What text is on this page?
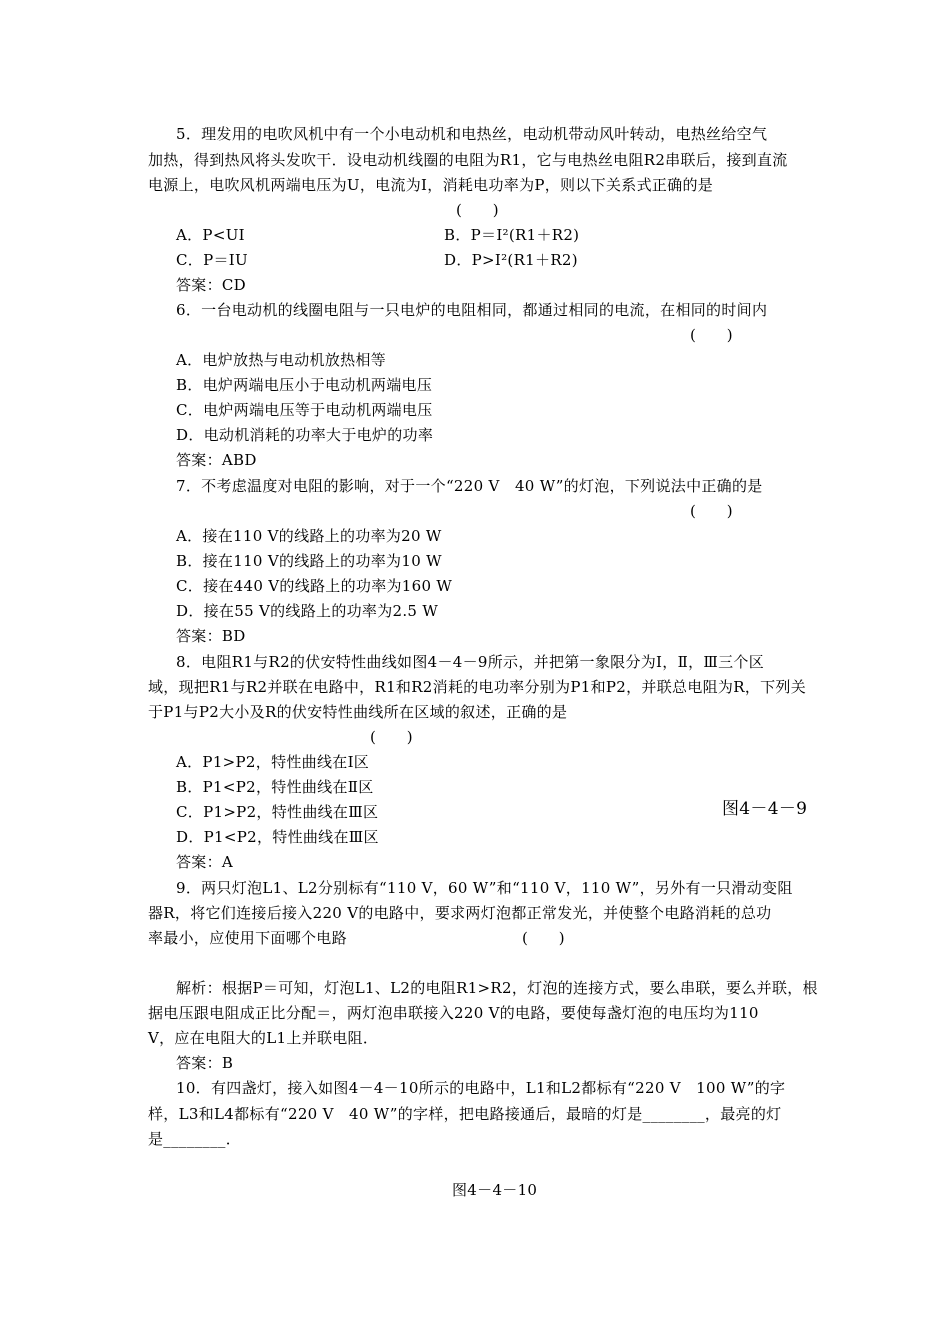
5．理发用的电吹风机中有一个小电动机和电热丝，电动机带动风叶转动，电热丝给空气
加热，得到热风将头发吹干．设电动机线圈的电阻为R1，它与电热丝电阻R2串联后，接到直流
电源上，电吹风机两端电压为U，电流为I，消耗电功率为P，则以下关系式正确的是
(　　)
A．P<UI	B．P＝I²(R1＋R2)
C．P＝IU	D．P>I²(R1＋R2)
答案：CD
6．一台电动机的线圈电阻与一只电炉的电阻相同，都通过相同的电流，在相同的时间内
(　　)
A．电炉放热与电动机放热相等
B．电炉两端电压小于电动机两端电压
C．电炉两端电压等于电动机两端电压
D．电动机消耗的功率大于电炉的功率
答案：ABD
7．不考虑温度对电阻的影响，对于一个“220 V　40 W”的灯泡，下列说法中正确的是
(　　)
A．接在110 V的线路上的功率为20 W
B．接在110 V的线路上的功率为10 W
C．接在440 V的线路上的功率为160 W
D．接在55 V的线路上的功率为2.5 W
答案：BD
8．电阻R1与R2的伏安特性曲线如图4－4－9所示，并把第一象限分为Ⅰ，Ⅱ，Ⅲ三个区
域，现把R1与R2并联在电路中，R1和R2消耗的电功率分别为P1和P2，并联总电阻为R，下列关
于P1与P2大小及R的伏安特性曲线所在区域的叙述，正确的是
(　　)
A．P1>P2，特性曲线在Ⅰ区
B．P1<P2，特性曲线在Ⅱ区
C．P1>P2，特性曲线在Ⅲ区	图4－4－9
D．P1<P2，特性曲线在Ⅲ区
答案：A
9．两只灯泡L1、L2分别标有“110 V，60 W”和“110 V，110 W”，另外有一只滑动变阻
器R，将它们连接后接入220 V的电路中，要求两灯泡都正常发光，并使整个电路消耗的总功
率最小，应使用下面哪个电路	(　　)
解析：根据P＝可知，灯泡L1、L2的电阻R1>R2，灯泡的连接方式，要么串联，要么并联，根
据电压跟电阻成正比分配＝，两灯泡串联接入220 V的电路，要使每盏灯泡的电压均为110
V，应在电阻大的L1上并联电阻．
答案：B
10．有四盏灯，接入如图4－4－10所示的电路中，L1和L2都标有“220 V　100 W”的字
样，L3和L4都标有“220 V　40 W”的字样，把电路接通后，最暗的灯是________，最亮的灯
是________．
图4－4－10
